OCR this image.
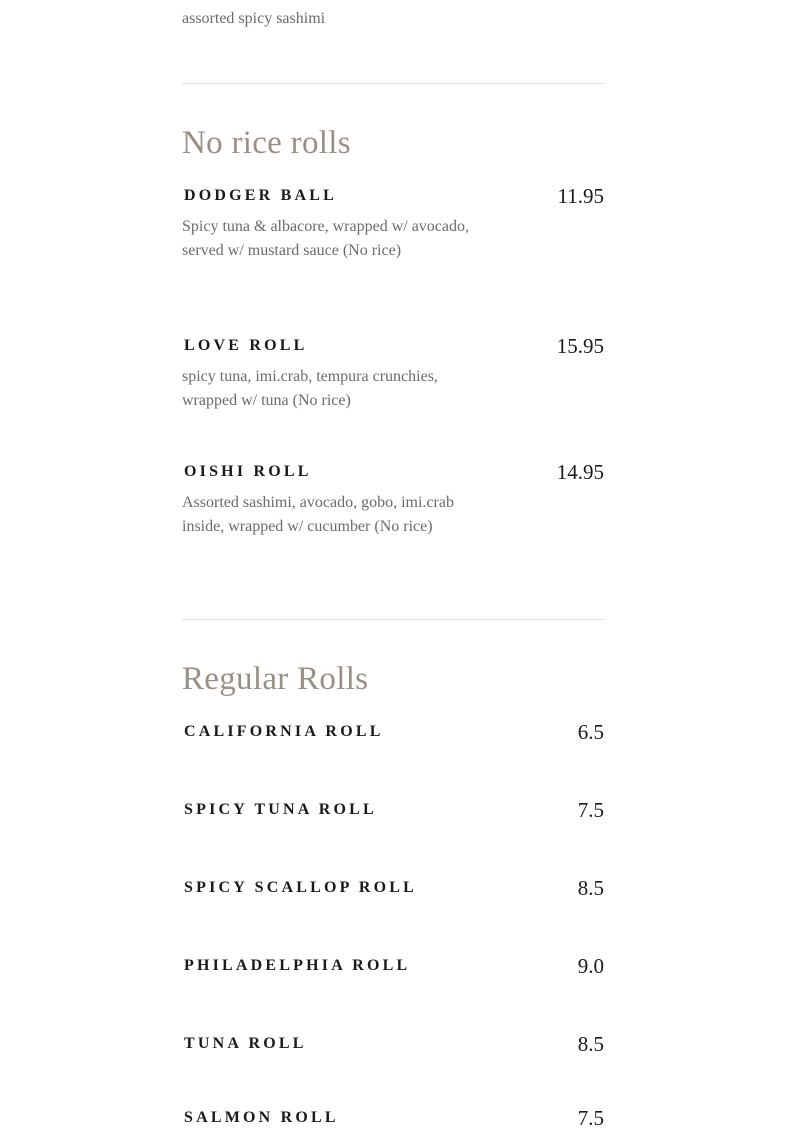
assorted spicy sashimi
No rice rolls
DODGER BALL	11.95
Spicy tuna & albacore, wrapped w/ avocado, served w/ mustard sauce (No rice)
LOVE ROLL	15.95
spicy tuna, imi.crab, tempura crunchies, wrapped w/ tuna (No rice)
OISHI ROLL	14.95
Assorted sashimi, avocado, gobo, imi.crab inside, wrapped w/ cucumber (No rice)
Regular Rolls
CALIFORNIA ROLL	6.5
SPICY TUNA ROLL	7.5
SPICY SCALLOP ROLL	8.5
PHILADELPHIA ROLL	9.0
TUNA ROLL	8.5
SALMON ROLL	7.5
